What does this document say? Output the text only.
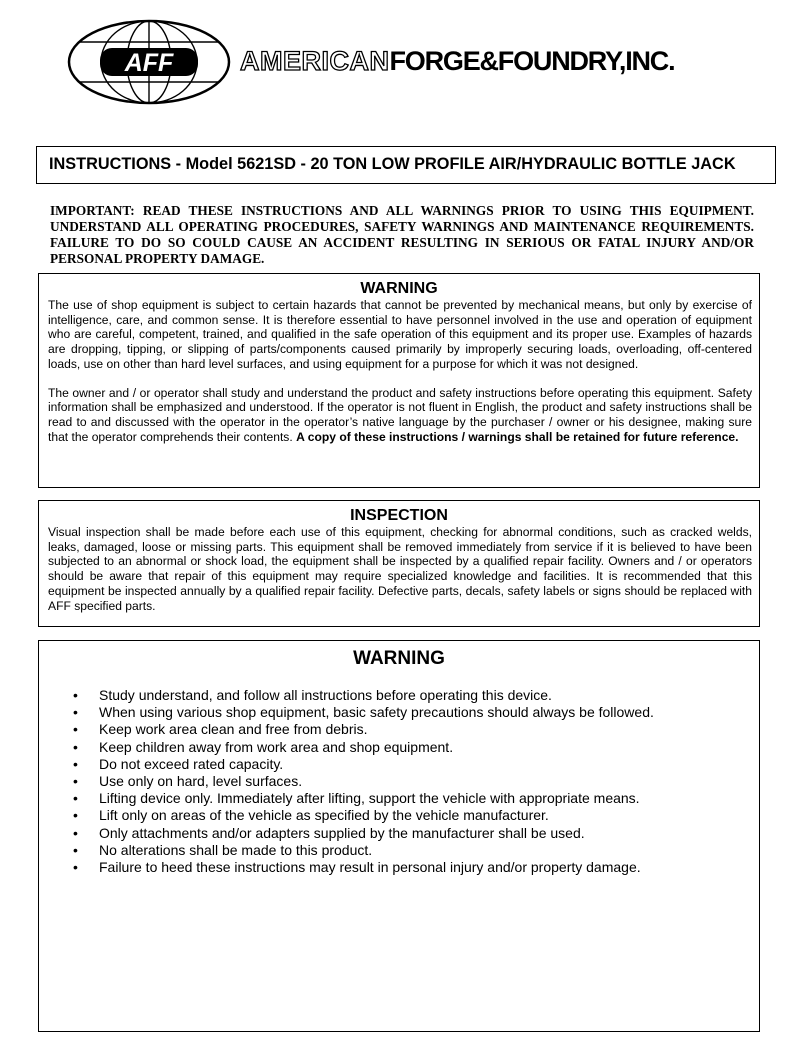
AFF AMERICANFORGE&FOUNDRY,INC.
INSTRUCTIONS - Model 5621SD - 20 TON LOW PROFILE AIR/HYDRAULIC BOTTLE JACK
IMPORTANT: READ THESE INSTRUCTIONS AND ALL WARNINGS PRIOR TO USING THIS EQUIPMENT. UNDERSTAND ALL OPERATING PROCEDURES, SAFETY WARNINGS AND MAINTENANCE REQUIREMENTS. FAILURE TO DO SO COULD CAUSE AN ACCIDENT RESULTING IN SERIOUS OR FATAL INJURY AND/OR PERSONAL PROPERTY DAMAGE.
WARNING

The use of shop equipment is subject to certain hazards that cannot be prevented by mechanical means, but only by exercise of intelligence, care, and common sense. It is therefore essential to have personnel involved in the use and operation of equipment who are careful, competent, trained, and qualified in the safe operation of this equipment and its proper use. Examples of hazards are dropping, tipping, or slipping of parts/components caused primarily by improperly securing loads, overloading, off-centered loads, use on other than hard level surfaces, and using equipment for a purpose for which it was not designed.

The owner and / or operator shall study and understand the product and safety instructions before operating this equipment. Safety information shall be emphasized and understood. If the operator is not fluent in English, the product and safety instructions shall be read to and discussed with the operator in the operator’s native language by the purchaser / owner or his designee, making sure that the operator comprehends their contents. A copy of these instructions / warnings shall be retained for future reference.

INSPECTION

Visual inspection shall be made before each use of this equipment, checking for abnormal conditions, such as cracked welds, leaks, damaged, loose or missing parts. This equipment shall be removed immediately from service if it is believed to have been subjected to an abnormal or shock load, the equipment shall be inspected by a qualified repair facility. Owners and / or operators should be aware that repair of this equipment may require specialized knowledge and facilities. It is recommended that this equipment be inspected annually by a qualified repair facility. Defective parts, decals, safety labels or signs should be replaced with AFF specified parts.

WARNING
• Study understand, and follow all instructions before operating this device.
• When using various shop equipment, basic safety precautions should always be followed.
• Keep work area clean and free from debris.
• Keep children away from work area and shop equipment.
• Do not exceed rated capacity.
• Use only on hard, level surfaces.
• Lifting device only. Immediately after lifting, support the vehicle with appropriate means.
• Lift only on areas of the vehicle as specified by the vehicle manufacturer.
• Only attachments and/or adapters supplied by the manufacturer shall be used.
• No alterations shall be made to this product.
• Failure to heed these instructions may result in personal injury and/or property damage.
